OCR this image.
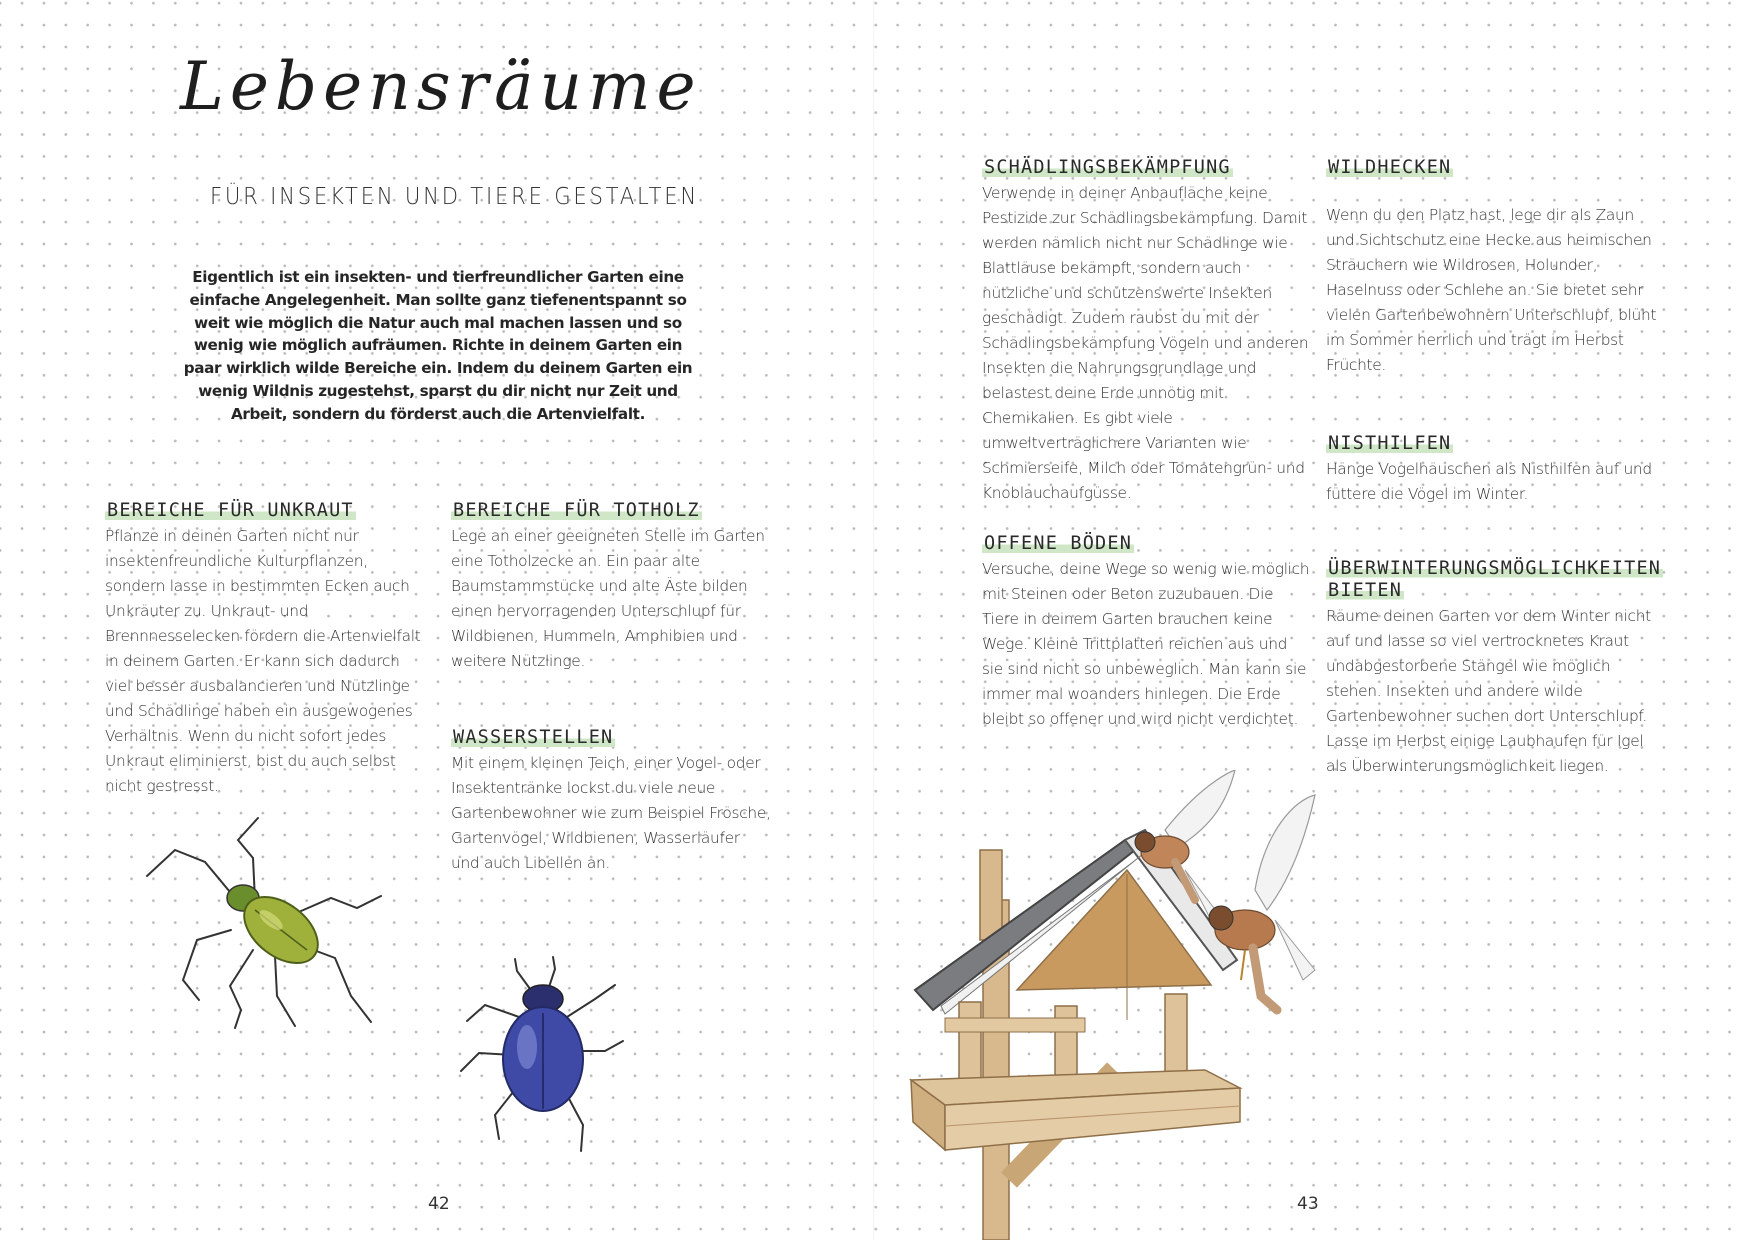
Lebensräume
FÜR INSEKTEN UND TIERE GESTALTEN
Eigentlich ist ein insekten- und tierfreundlicher Garten eine einfache Angelegenheit. Man sollte ganz tiefenentspannt so weit wie möglich die Natur auch mal machen lassen und so wenig wie möglich aufräumen. Richte in deinem Garten ein paar wirklich wilde Bereiche ein. Indem du deinem Garten ein wenig Wildnis zugestehst, sparst du dir nicht nur Zeit und Arbeit, sondern du förderst auch die Artenvielfalt.
BEREICHE FÜR UNKRAUT
Pflanze in deinen Garten nicht nur insektenfreundliche Kulturpflanzen, sondern lasse in bestimmten Ecken auch Unkräuter zu. Unkraut- und Brennnesselecken fördern die Artenvielfalt in deinem Garten. Er kann sich dadurch viel besser ausbalancieren und Nützlinge und Schädlinge haben ein ausgewogenes Verhältnis. Wenn du nicht sofort jedes Unkraut eliminierst, bist du auch selbst nicht gestresst.
BEREICHE FÜR TOTHOLZ
Lege an einer geeigneten Stelle im Garten eine Totholzecke an. Ein paar alte Baumstammstücke und alte Äste bilden einen hervorragenden Unterschlupf für Wildbienen, Hummeln, Amphibien und weitere Nützlinge.
WASSERSTELLEN
Mit einem kleinen Teich, einer Vogel- oder Insektentränke lockst du viele neue Gartenbewohner wie zum Beispiel Frösche, Gartenvögel, Wildbienen, Wasserläufer und auch Libellen an.
42
SCHÄDLINGSBEKÄMPFUNG
Verwende in deiner Anbaufläche keine Pestizide zur Schädlingsbekämpfung. Damit werden nämlich nicht nur Schädlinge wie Blattläuse bekämpft, sondern auch nützliche und schützenswerte Insekten geschädigt. Zudem raubst du mit der Schädlingsbekämpfung Vögeln und anderen Insekten die Nahrungsgrundlage und belastest deine Erde unnötig mit Chemikalien. Es gibt viele umweltverträglichere Varianten wie Schmierseife, Milch oder Tomatengrün- und Knoblauchaufgüsse.
OFFENE BÖDEN
Versuche, deine Wege so wenig wie möglich mit Steinen oder Beton zuzubauen. Die Tiere in deinem Garten brauchen keine Wege. Kleine Trittplatten reichen aus und sie sind nicht so unbeweglich. Man kann sie immer mal woanders hinlegen. Die Erde bleibt so offener und wird nicht verdichtet.
WILDHECKEN
Wenn du den Platz hast, lege dir als Zaun und Sichtschutz eine Hecke aus heimischen Sträuchern wie Wildrosen, Holunder, Haselnuss oder Schlehe an. Sie bietet sehr vielen Gartenbewohnern Unterschlupf, blüht im Sommer herrlich und trägt im Herbst Früchte.
NISTHILFEN
Hänge Vogelhäuschen als Nisthilfen auf und füttere die Vögel im Winter.
ÜBERWINTERUNGSMÖGLICHKEITEN
BIETEN
Räume deinen Garten vor dem Winter nicht auf und lasse so viel vertrocknetes Kraut undabgestorbene Stängel wie möglich stehen. Insekten und andere wilde Gartenbewohner suchen dort Unterschlupf. Lasse im Herbst einige Laubhaufen für Igel als Überwinterungsmöglichkeit liegen.
43
